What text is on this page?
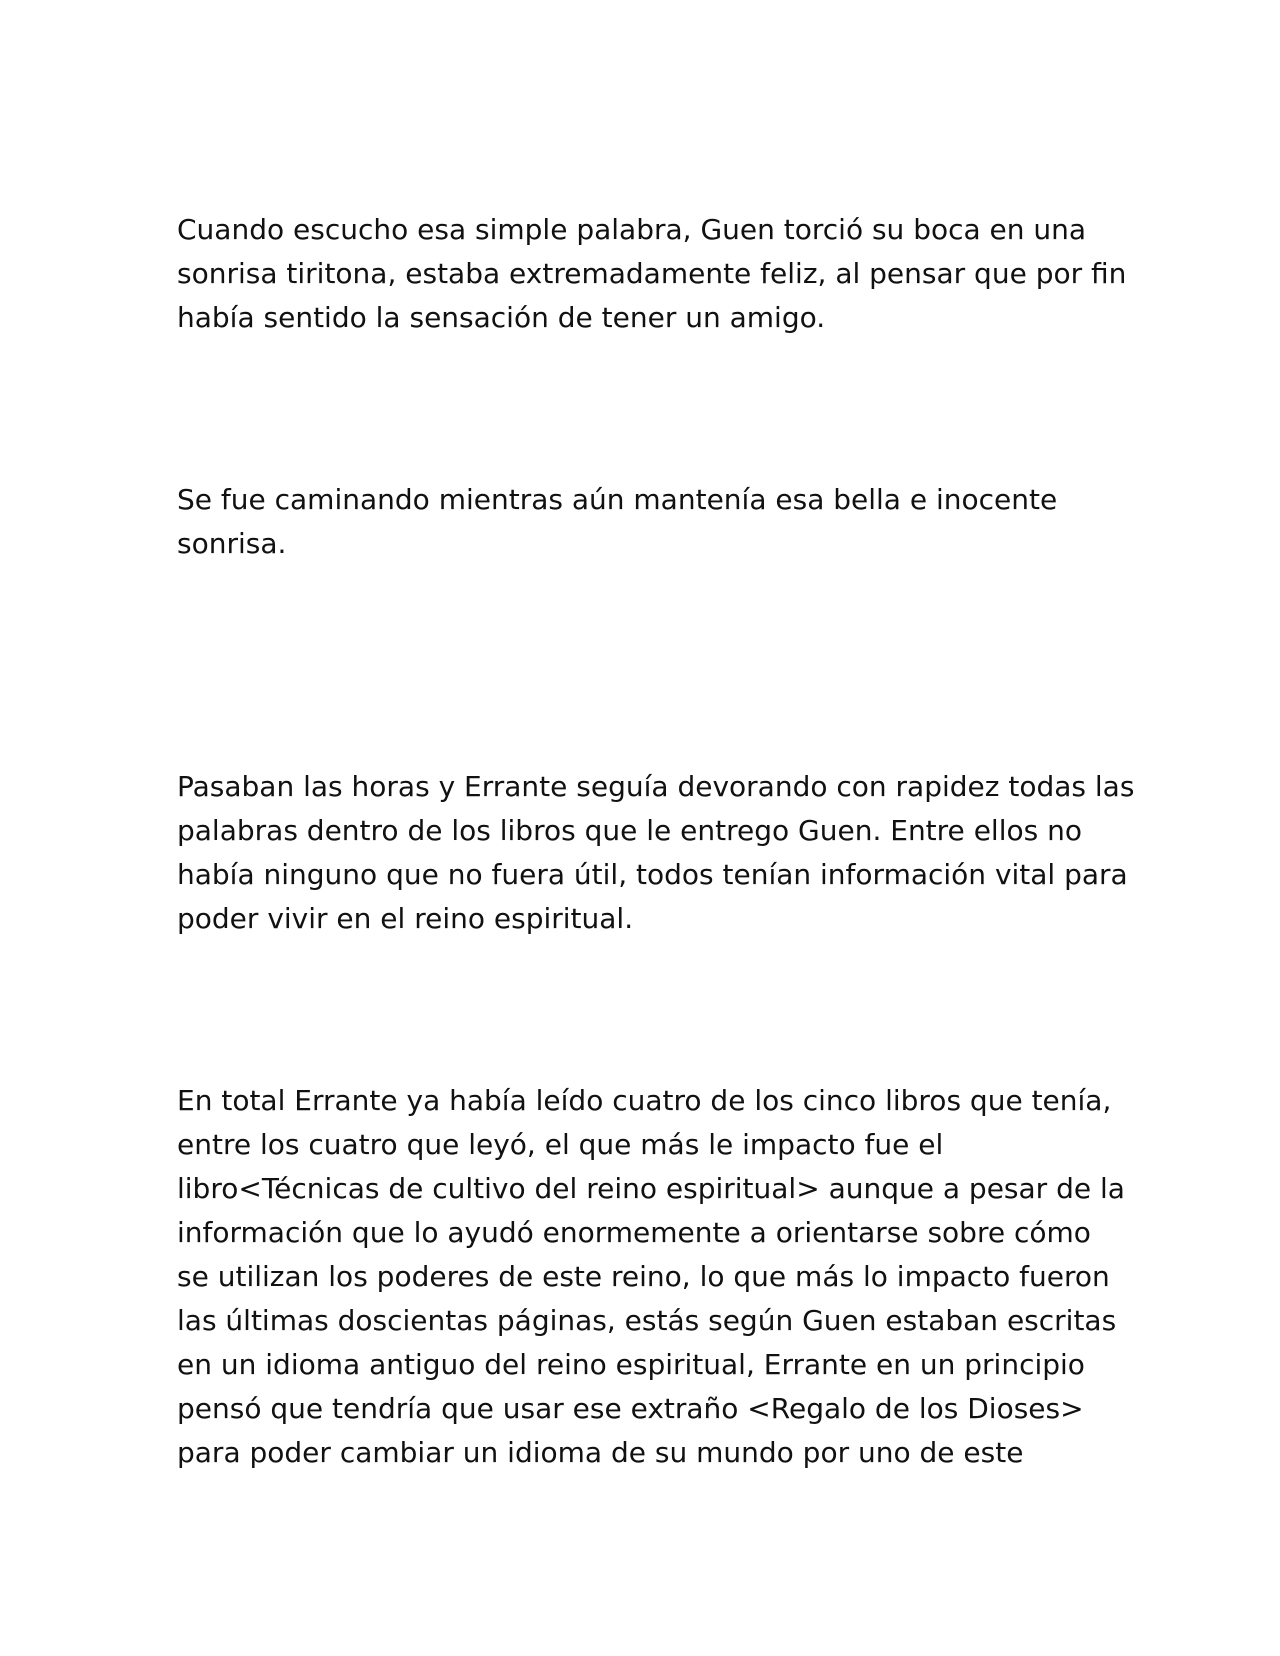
Cuando escucho esa simple palabra, Guen torció su boca en una
sonrisa tiritona, estaba extremadamente feliz, al pensar que por fin
había sentido la sensación de tener un amigo.

Se fue caminando mientras aún mantenía esa bella e inocente
sonrisa.

Pasaban las horas y Errante seguía devorando con rapidez todas las
palabras dentro de los libros que le entrego Guen. Entre ellos no
había ninguno que no fuera útil, todos tenían información vital para
poder vivir en el reino espiritual.

En total Errante ya había leído cuatro de los cinco libros que tenía,
entre los cuatro que leyó, el que más le impacto fue el
libro<Técnicas de cultivo del reino espiritual> aunque a pesar de la
información que lo ayudó enormemente a orientarse sobre cómo
se utilizan los poderes de este reino, lo que más lo impacto fueron
las últimas doscientas páginas, estás según Guen estaban escritas
en un idioma antiguo del reino espiritual, Errante en un principio
pensó que tendría que usar ese extraño <Regalo de los Dioses>
para poder cambiar un idioma de su mundo por uno de este
